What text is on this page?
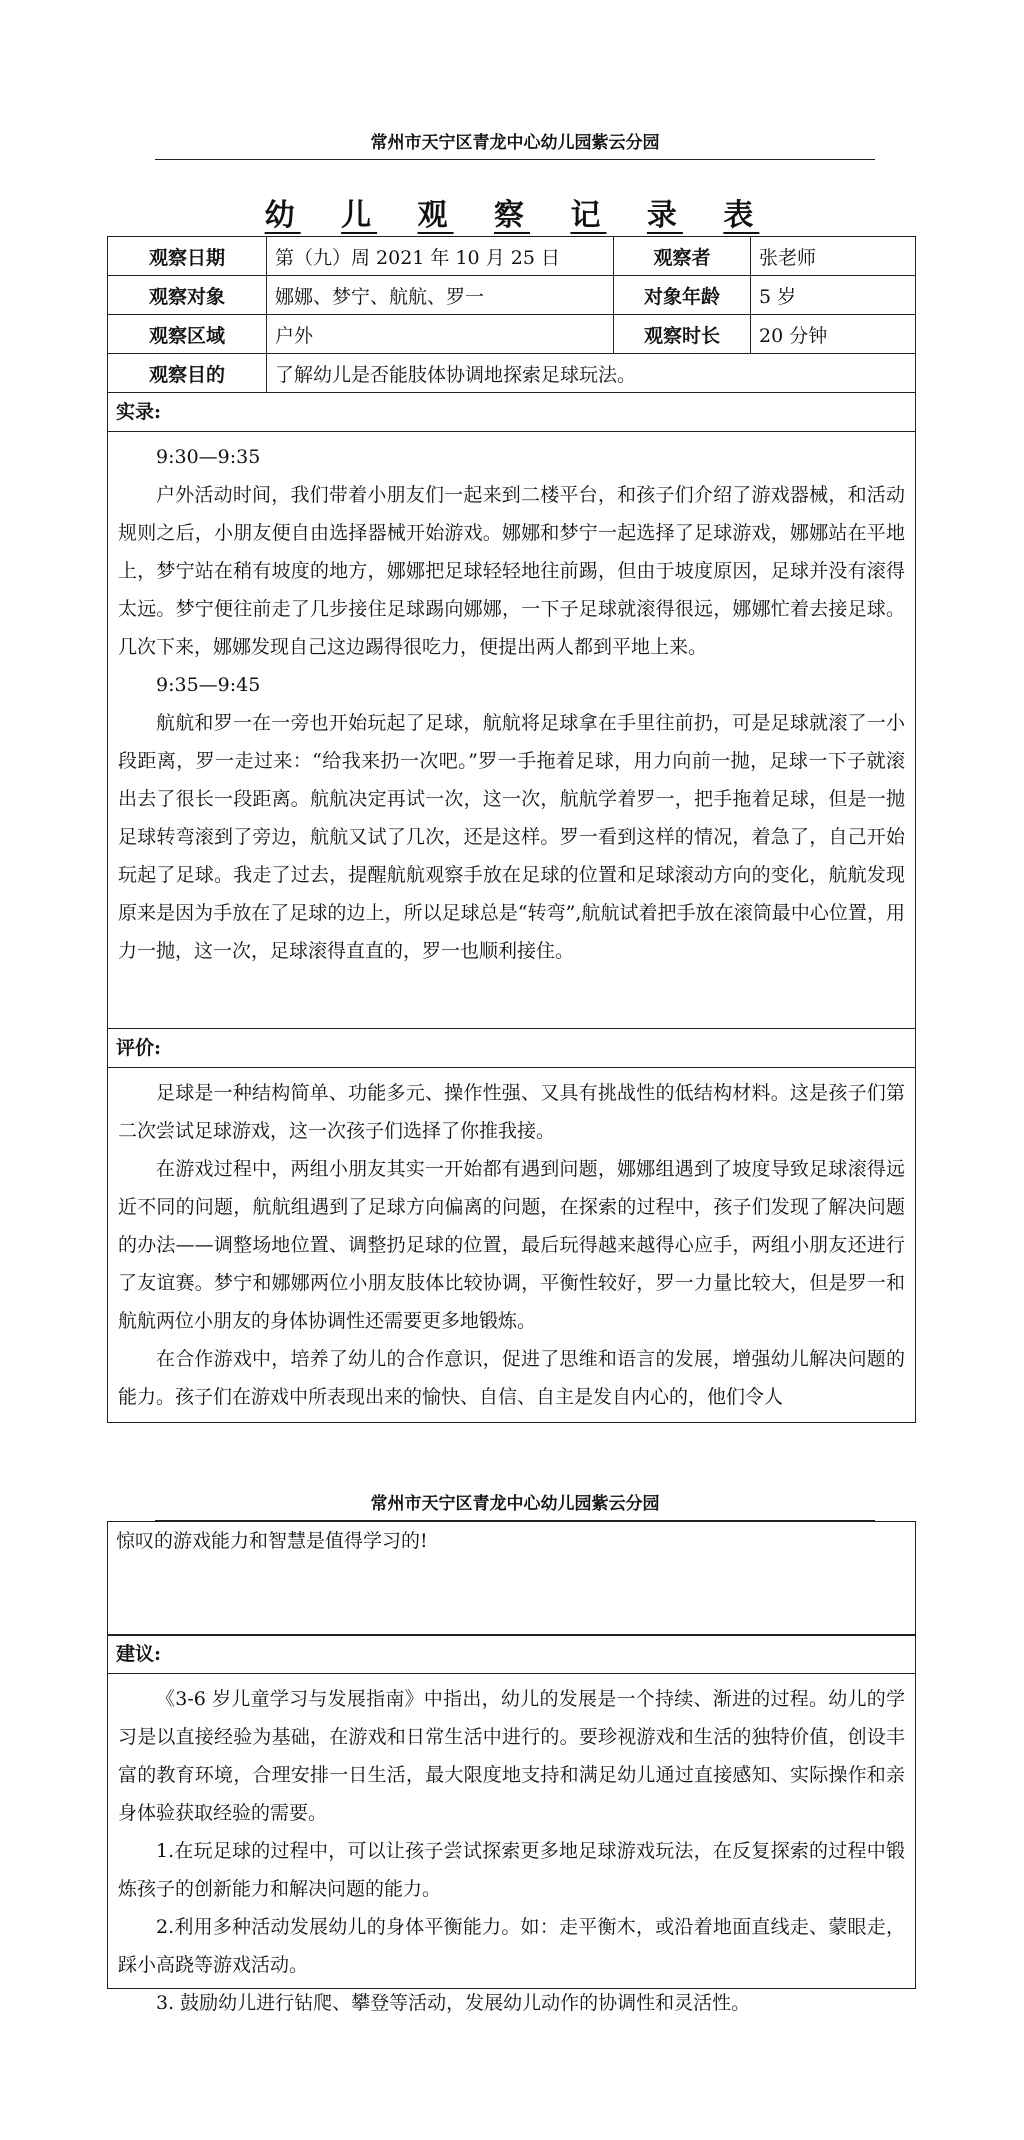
常州市天宁区青龙中心幼儿园紫云分园
幼 儿 观 察 记 录 表
观察日期	第（九）周 2021 年 10 月 25 日	观察者	张老师
观察对象	娜娜、梦宁、航航、罗一	对象年龄	5 岁
观察区域	户外	观察时长	20 分钟
观察目的	了解幼儿是否能肢体协调地探索足球玩法。		
实录:

9:30—9:35

户外活动时间，我们带着小朋友们一起来到二楼平台，和孩子们介绍了游戏器械，和活动规则之后，小朋友便自由选择器械开始游戏。娜娜和梦宁一起选择了足球游戏，娜娜站在平地上，梦宁站在稍有坡度的地方，娜娜把足球轻轻地往前踢，但由于坡度原因，足球并没有滚得太远。梦宁便往前走了几步接住足球踢向娜娜，一下子足球就滚得很远，娜娜忙着去接足球。几次下来，娜娜发现自己这边踢得很吃力，便提出两人都到平地上来。

9:35—9:45

航航和罗一在一旁也开始玩起了足球，航航将足球拿在手里往前扔，可是足球就滚了一小段距离，罗一走过来：“给我来扔一次吧。”罗一手拖着足球，用力向前一抛，足球一下子就滚出去了很长一段距离。航航决定再试一次，这一次，航航学着罗一，把手拖着足球，但是一抛足球转弯滚到了旁边，航航又试了几次，还是这样。罗一看到这样的情况，着急了，自己开始玩起了足球。我走了过去，提醒航航观察手放在足球的位置和足球滚动方向的变化，航航发现原来是因为手放在了足球的边上，所以足球总是“转弯”,航航试着把手放在滚筒最中心位置，用力一抛，这一次，足球滚得直直的，罗一也顺利接住。

评价:

足球是一种结构简单、功能多元、操作性强、又具有挑战性的低结构材料。这是孩子们第二次尝试足球游戏，这一次孩子们选择了你推我接。

在游戏过程中，两组小朋友其实一开始都有遇到问题，娜娜组遇到了坡度导致足球滚得远近不同的问题，航航组遇到了足球方向偏离的问题，在探索的过程中，孩子们发现了解决问题的办法——调整场地位置、调整扔足球的位置，最后玩得越来越得心应手，两组小朋友还进行了友谊赛。梦宁和娜娜两位小朋友肢体比较协调，平衡性较好，罗一力量比较大，但是罗一和航航两位小朋友的身体协调性还需要更多地锻炼。

在合作游戏中，培养了幼儿的合作意识，促进了思维和语言的发展，增强幼儿解决问题的能力。孩子们在游戏中所表现出来的愉快、自信、自主是发自内心的，他们令人

常州市天宁区青龙中心幼儿园紫云分园
惊叹的游戏能力和智慧是值得学习的!
建议:

《3-6 岁儿童学习与发展指南》中指出，幼儿的发展是一个持续、渐进的过程。幼儿的学习是以直接经验为基础，在游戏和日常生活中进行的。要珍视游戏和生活的独特价值，创设丰富的教育环境，合理安排一日生活，最大限度地支持和满足幼儿通过直接感知、实际操作和亲身体验获取经验的需要。

1.在玩足球的过程中，可以让孩子尝试探索更多地足球游戏玩法，在反复探索的过程中锻炼孩子的创新能力和解决问题的能力。

2.利用多种活动发展幼儿的身体平衡能力。如：走平衡木，或沿着地面直线走、蒙眼走，踩小高跷等游戏活动。

3. 鼓励幼儿进行钻爬、攀登等活动，发展幼儿动作的协调性和灵活性。
